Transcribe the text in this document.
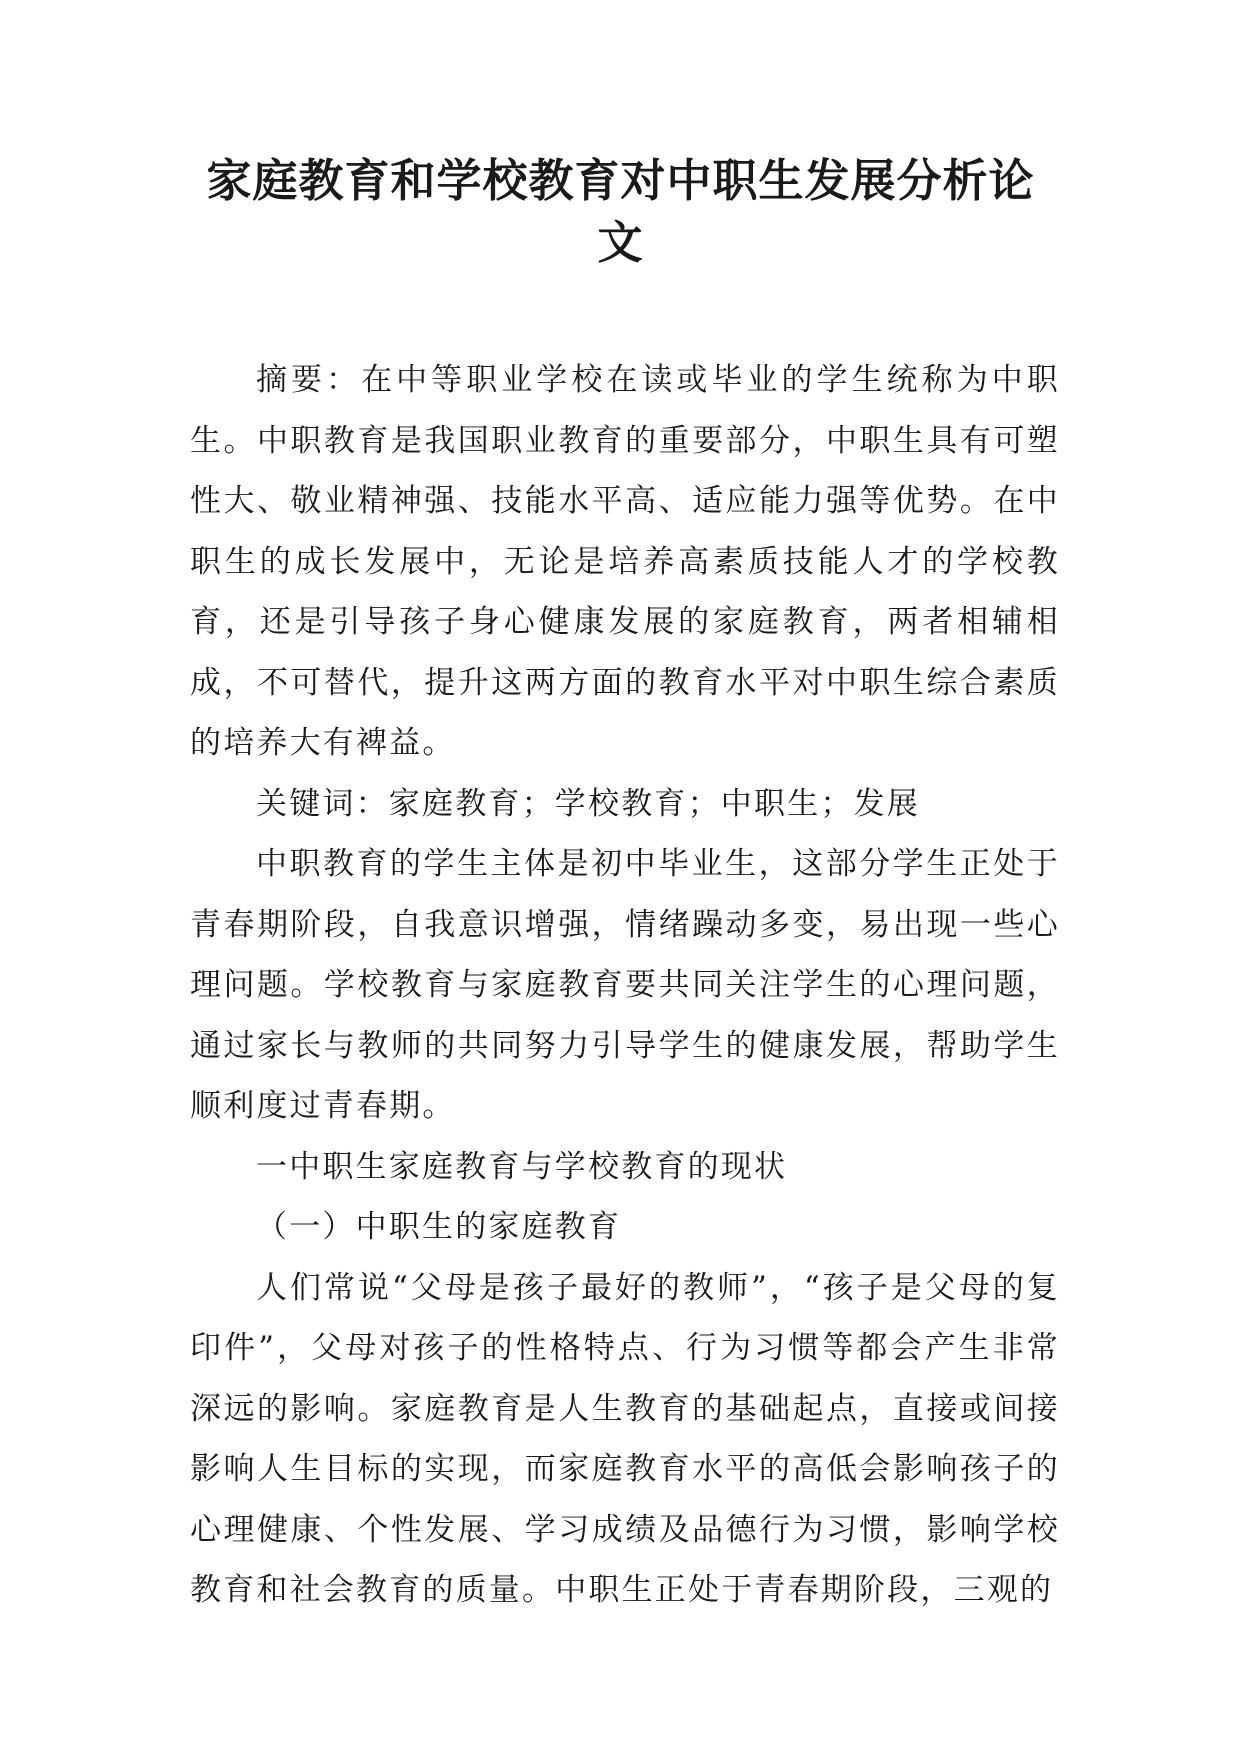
家庭教育和学校教育对中职生发展分析论
文

摘要：在中等职业学校在读或毕业的学生统称为中职生。中职教育是我国职业教育的重要部分，中职生具有可塑性大、敬业精神强、技能水平高、适应能力强等优势。在中职生的成长发展中，无论是培养高素质技能人才的学校教育，还是引导孩子身心健康发展的家庭教育，两者相辅相成，不可替代，提升这两方面的教育水平对中职生综合素质的培养大有裨益。

关键词：家庭教育；学校教育；中职生；发展

中职教育的学生主体是初中毕业生，这部分学生正处于青春期阶段，自我意识增强，情绪躁动多变，易出现一些心理问题。学校教育与家庭教育要共同关注学生的心理问题，通过家长与教师的共同努力引导学生的健康发展，帮助学生顺利度过青春期。

一中职生家庭教育与学校教育的现状

（一）中职生的家庭教育

人们常说“父母是孩子最好的教师”，“孩子是父母的复印件”，父母对孩子的性格特点、行为习惯等都会产生非常深远的影响。家庭教育是人生教育的基础起点，直接或间接影响人生目标的实现，而家庭教育水平的高低会影响孩子的心理健康、个性发展、学习成绩及品德行为习惯，影响学校教育和社会教育的质量。中职生正处于青春期阶段，三观的
